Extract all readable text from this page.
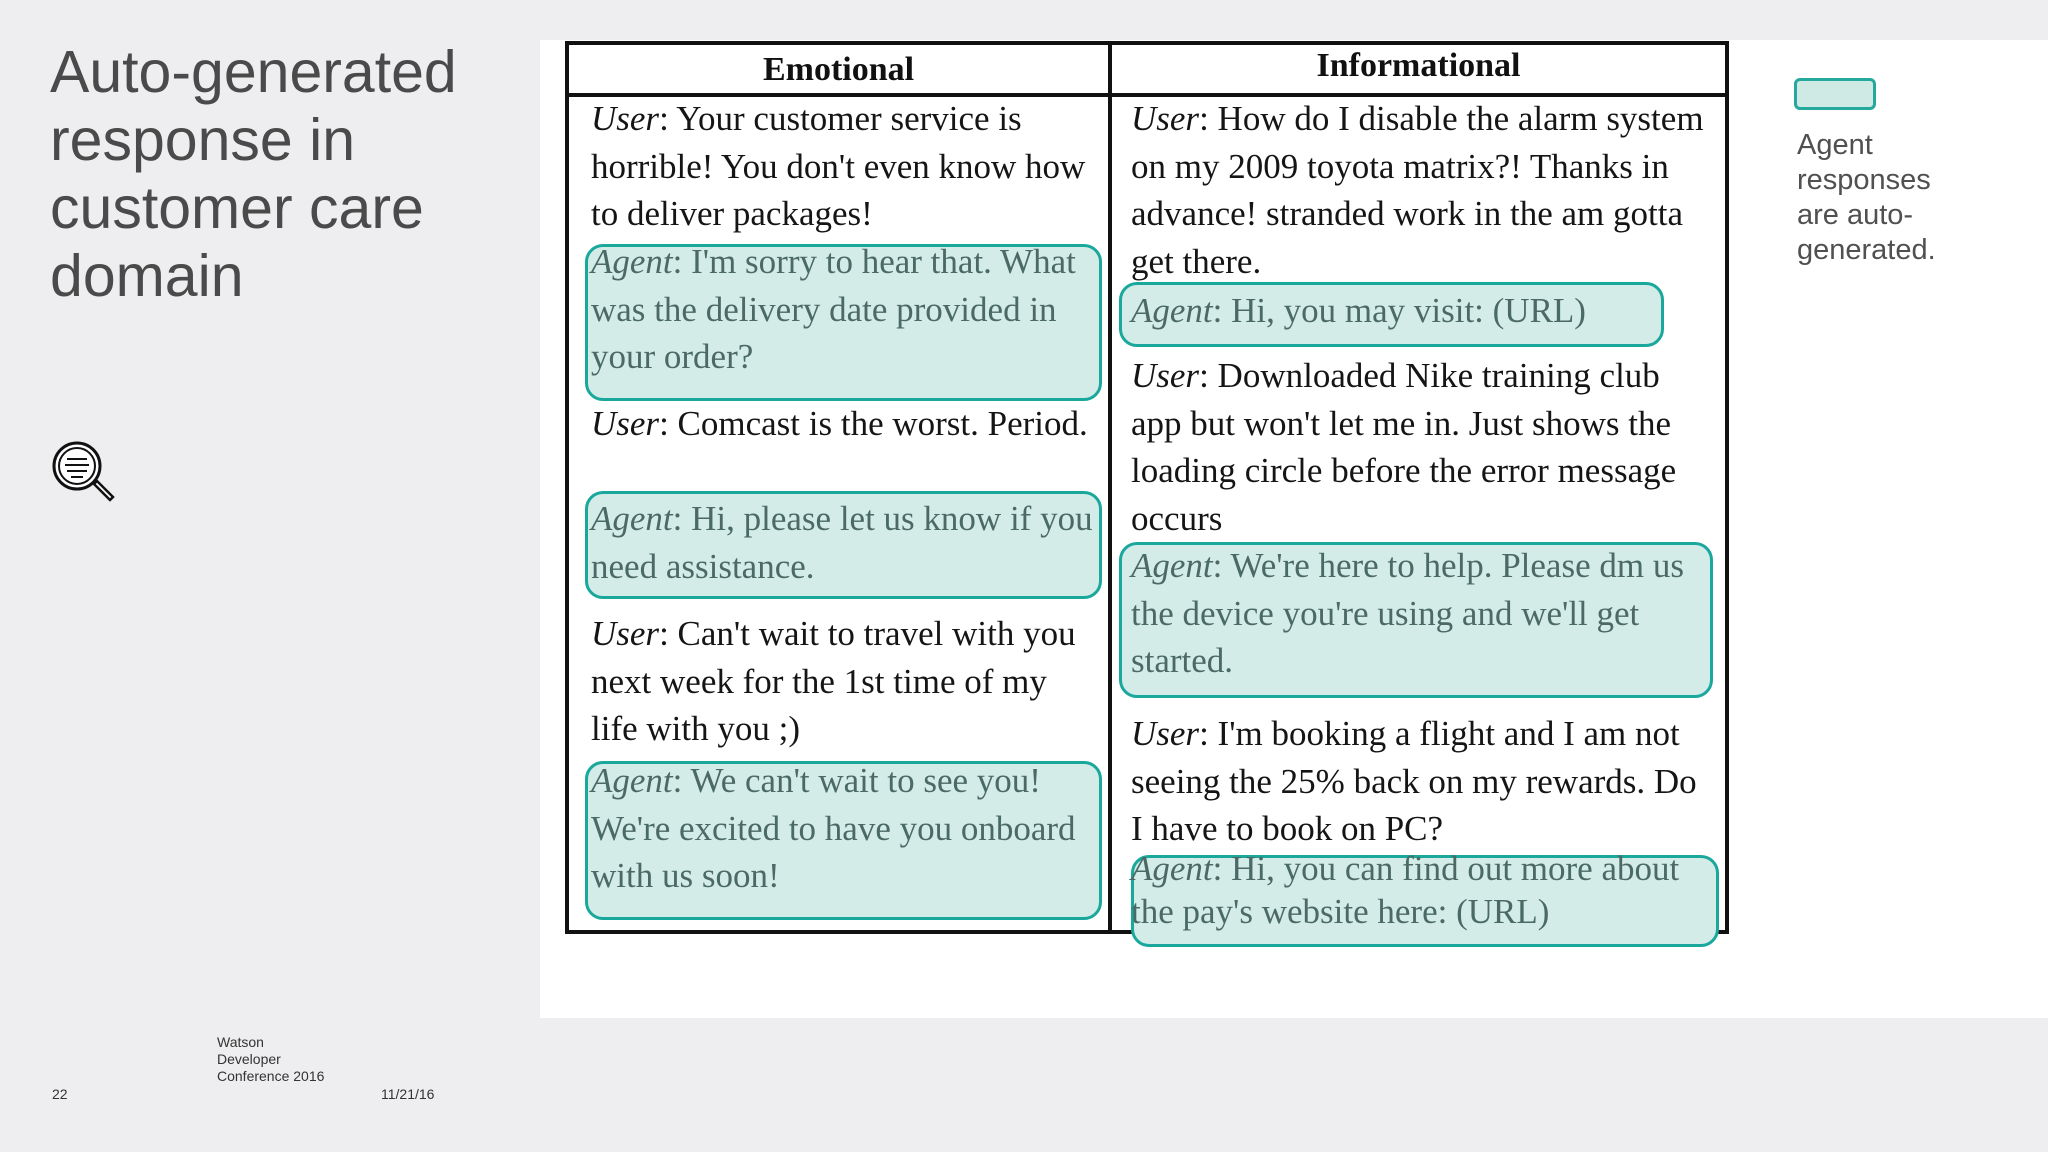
Auto-generated response in customer care domain
Emotional	Informational
User: Your customer service is horrible! You don't even know how to deliver packages!
Agent: I'm sorry to hear that. What was the delivery date provided in your order?
User: Comcast is the worst. Period.
Agent: Hi, please let us know if you need assistance.
User: Can't wait to travel with you next week for the 1st time of my life with you ;)
Agent: We can't wait to see you! We're excited to have you onboard with us soon!
User: How do I disable the alarm system on my 2009 toyota matrix?! Thanks in advance! stranded work in the am gotta get there.
Agent: Hi, you may visit: (URL)
User: Downloaded Nike training club app but won't let me in. Just shows the loading circle before the error message occurs
Agent: We're here to help. Please dm us the device you're using and we'll get started.
User: I'm booking a flight and I am not seeing the 25% back on my rewards. Do I have to book on PC?
Agent: Hi, you can find out more about the pay's website here: (URL)
Agent responses are auto-generated.
22
Watson Developer Conference 2016
11/21/16
